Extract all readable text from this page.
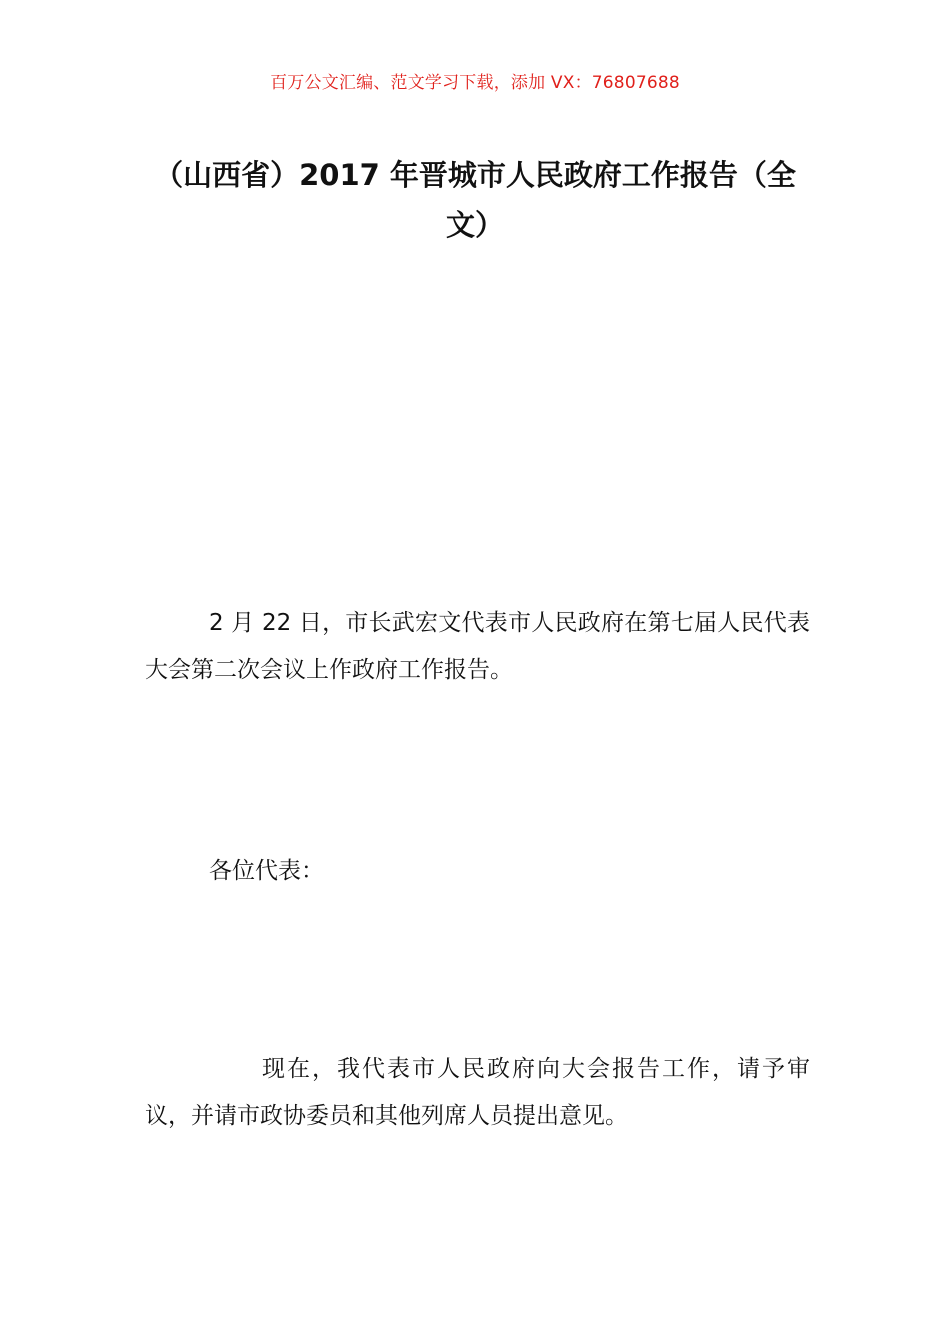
百万公文汇编、范文学习下载，添加 VX：76807688
（山西省）2017 年晋城市人民政府工作报告（全文）

2 月 22 日，市长武宏文代表市人民政府在第七届人民代表大会第二次会议上作政府工作报告。

各位代表：

现在，我代表市人民政府向大会报告工作，请予审议，并请市政协委员和其他列席人员提出意见。
